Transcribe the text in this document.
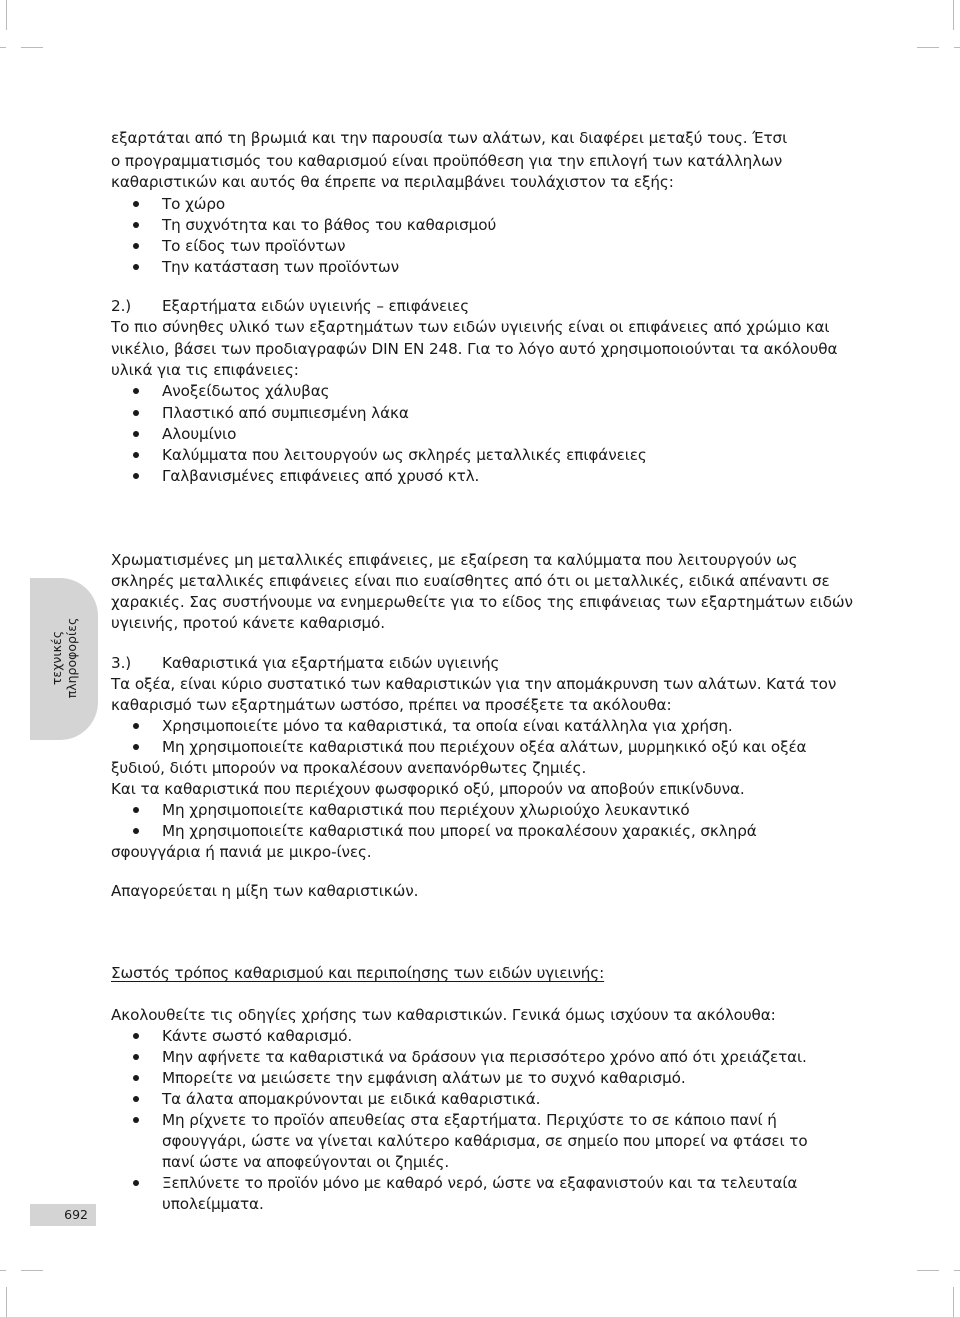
τεχνικές πληροφορίες
692
εξαρτάται από τη βρωμιά και την παρουσία των αλάτων, και διαφέρει μεταξύ τους. Έτσι
ο προγραμματισμός του καθαρισμού είναι προϋπόθεση για την επιλογή των κατάλληλων
καθαριστικών και αυτός θα έπρεπε να περιλαμβάνει τουλάχιστον τα εξής:
Το χώρο
Τη συχνότητα και το βάθος του καθαρισμού
Το είδος των προϊόντων
Την κατάσταση των προϊόντων
2.) Εξαρτήματα ειδών υγιεινής – επιφάνειες
Το πιο σύνηθες υλικό των εξαρτημάτων των ειδών υγιεινής είναι οι επιφάνειες από χρώμιο και
νικέλιο, βάσει των προδιαγραφών DIN EN 248. Για το λόγο αυτό χρησιμοποιούνται τα ακόλουθα
υλικά για τις επιφάνειες:
Ανοξείδωτος χάλυβας
Πλαστικό από συμπιεσμένη λάκα
Αλουμίνιο
Καλύμματα που λειτουργούν ως σκληρές μεταλλικές επιφάνειες
Γαλβανισμένες επιφάνειες από χρυσό κτλ.
Χρωματισμένες μη μεταλλικές επιφάνειες, με εξαίρεση τα καλύμματα που λειτουργούν ως
σκληρές μεταλλικές επιφάνειες είναι πιο ευαίσθητες από ότι οι μεταλλικές, ειδικά απέναντι σε
χαρακιές. Σας συστήνουμε να ενημερωθείτε για το είδος της επιφάνειας των εξαρτημάτων ειδών
υγιεινής, προτού κάνετε καθαρισμό.
3.) Καθαριστικά για εξαρτήματα ειδών υγιεινής
Τα οξέα, είναι κύριο συστατικό των καθαριστικών για την απομάκρυνση των αλάτων. Κατά τον
καθαρισμό των εξαρτημάτων ωστόσο, πρέπει να προσέξετε τα ακόλουθα:
Χρησιμοποιείτε μόνο τα καθαριστικά, τα οποία είναι κατάλληλα για χρήση.
Μη χρησιμοποιείτε καθαριστικά που περιέχουν οξέα αλάτων, μυρμηκικό οξύ και οξέα
ξυδιού, διότι μπορούν να προκαλέσουν ανεπανόρθωτες ζημιές.
Και τα καθαριστικά που περιέχουν φωσφορικό οξύ, μπορούν να αποβούν επικίνδυνα.
Μη χρησιμοποιείτε καθαριστικά που περιέχουν χλωριούχο λευκαντικό
Μη χρησιμοποιείτε καθαριστικά που μπορεί να προκαλέσουν χαρακιές, σκληρά
σφουγγάρια ή πανιά με μικρο-ίνες.
Απαγορεύεται η μίξη των καθαριστικών.
Σωστός τρόπος καθαρισμού και περιποίησης των ειδών υγιεινής:
Ακολουθείτε τις οδηγίες χρήσης των καθαριστικών. Γενικά όμως ισχύουν τα ακόλουθα:
Κάντε σωστό καθαρισμό.
Μην αφήνετε τα καθαριστικά να δράσουν για περισσότερο χρόνο από ότι χρειάζεται.
Μπορείτε να μειώσετε την εμφάνιση αλάτων με το συχνό καθαρισμό.
Τα άλατα απομακρύνονται με ειδικά καθαριστικά.
Μη ρίχνετε το προϊόν απευθείας στα εξαρτήματα. Περιχύστε το σε κάποιο πανί ή
σφουγγάρι, ώστε να γίνεται καλύτερο καθάρισμα, σε σημείο που μπορεί να φτάσει το
πανί ώστε να αποφεύγονται οι ζημιές.
Ξεπλύνετε το προϊόν μόνο με καθαρό νερό, ώστε να εξαφανιστούν και τα τελευταία
υπολείμματα.
